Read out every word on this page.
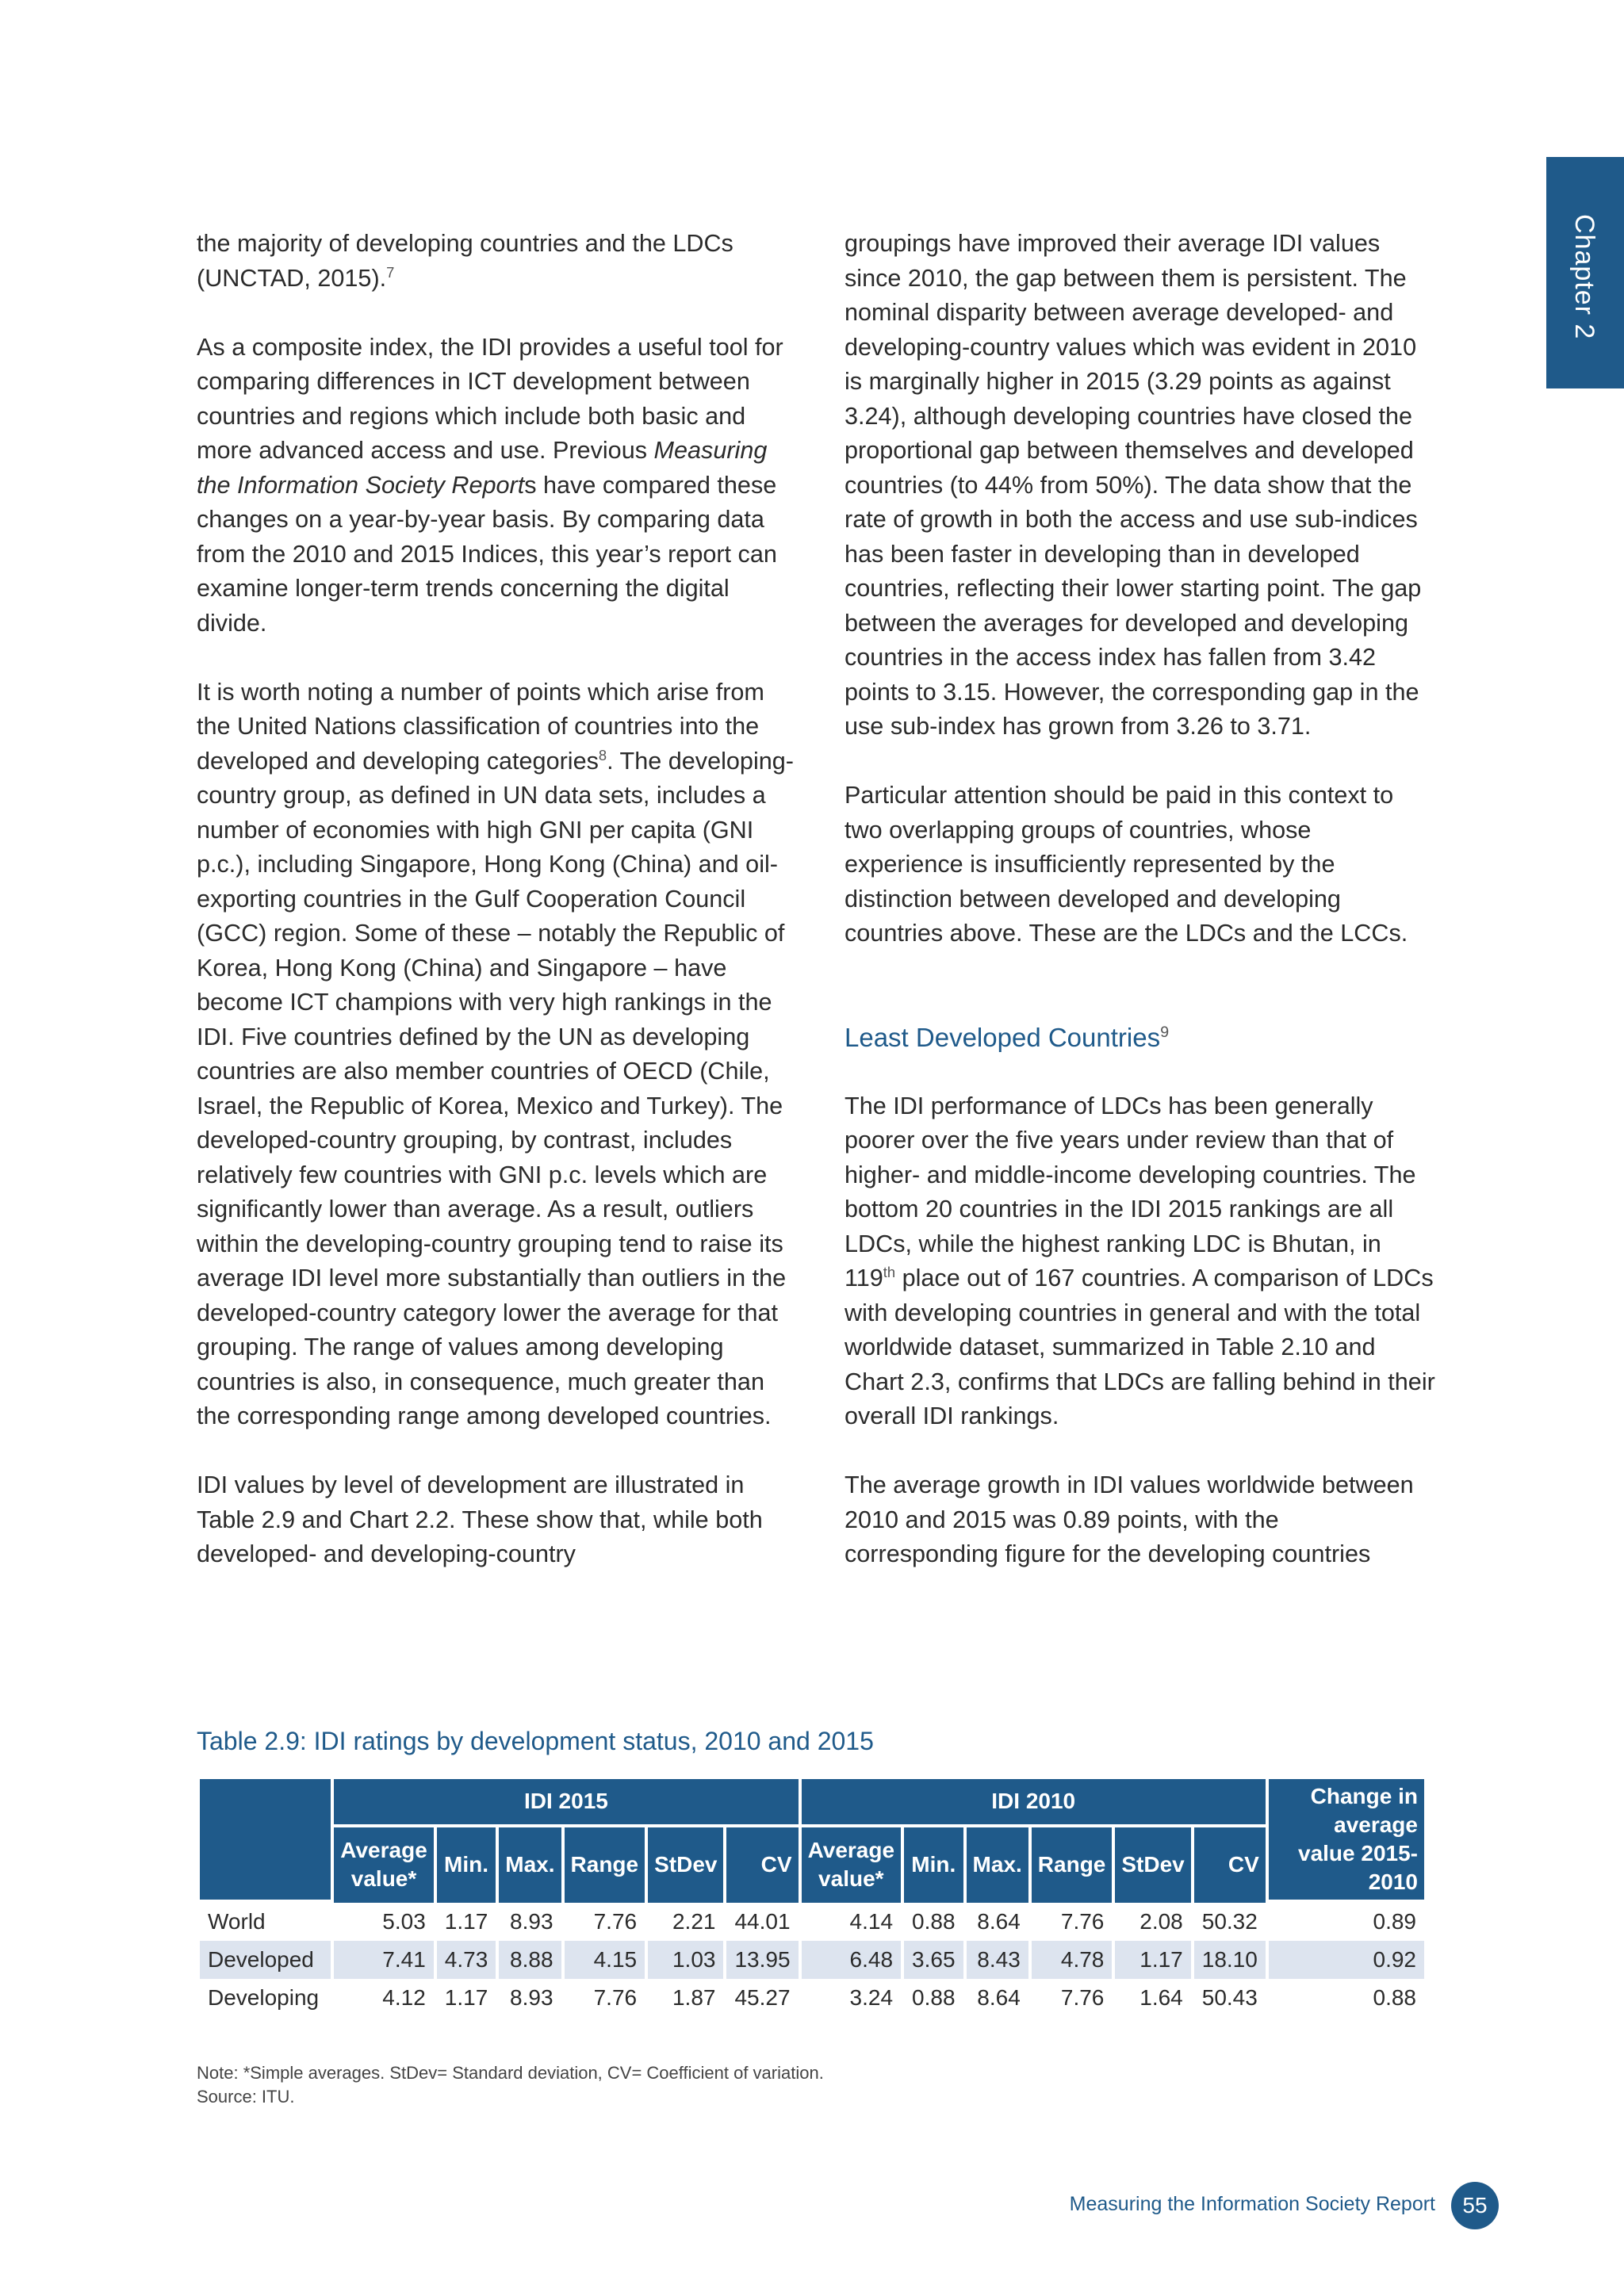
Chapter 2

the majority of developing countries and the LDCs (UNCTAD, 2015).$^7$

As a composite index, the IDI provides a useful tool for comparing differences in ICT development between countries and regions which include both basic and more advanced access and use. Previous Measuring the Information Society Reports have compared these changes on a year-by-year basis. By comparing data from the 2010 and 2015 Indices, this year’s report can examine longer-term trends concerning the digital divide.

It is worth noting a number of points which arise from the United Nations classification of countries into the developed and developing categories$^8$. The developing-country group, as defined in UN data sets, includes a number of economies with high GNI per capita (GNI p.c.), including Singapore, Hong Kong (China) and oil-exporting countries in the Gulf Cooperation Council (GCC) region. Some of these – notably the Republic of Korea, Hong Kong (China) and Singapore – have become ICT champions with very high rankings in the IDI. Five countries defined by the UN as developing countries are also member countries of OECD (Chile, Israel, the Republic of Korea, Mexico and Turkey). The developed-country grouping, by contrast, includes relatively few countries with GNI p.c. levels which are significantly lower than average. As a result, outliers within the developing-country grouping tend to raise its average IDI level more substantially than outliers in the developed-country category lower the average for that grouping. The range of values among developing countries is also, in consequence, much greater than the corresponding range among developed countries.

IDI values by level of development are illustrated in Table 2.9 and Chart 2.2. These show that, while both developed- and developing-country

groupings have improved their average IDI values since 2010, the gap between them is persistent. The nominal disparity between average developed- and developing-country values which was evident in 2010 is marginally higher in 2015 (3.29 points as against 3.24), although developing countries have closed the proportional gap between themselves and developed countries (to 44% from 50%). The data show that the rate of growth in both the access and use sub-indices has been faster in developing than in developed countries, reflecting their lower starting point. The gap between the averages for developed and developing countries in the access index has fallen from 3.42 points to 3.15. However, the corresponding gap in the use sub-index has grown from 3.26 to 3.71.

Particular attention should be paid in this context to two overlapping groups of countries, whose experience is insufficiently represented by the distinction between developed and developing countries above. These are the LDCs and the LCCs.

Least Developed Countries$^9$

The IDI performance of LDCs has been generally poorer over the five years under review than that of higher- and middle-income developing countries. The bottom 20 countries in the IDI 2015 rankings are all LDCs, while the highest ranking LDC is Bhutan, in 119th place out of 167 countries. A comparison of LDCs with developing countries in general and with the total worldwide dataset, summarized in Table 2.10 and Chart 2.3, confirms that LDCs are falling behind in their overall IDI rankings.

The average growth in IDI values worldwide between 2010 and 2015 was 0.89 points, with the corresponding figure for the developing countries

Table 2.9: IDI ratings by development status, 2010 and 2015
	IDI 2015						IDI 2010						Change in average value 2015-2010
	Average value*	Min.	Max.	Range	StDev	CV	Average value*	Min.	Max.	Range	StDev	CV	
World	5.03	1.17	8.93	7.76	2.21	44.01	4.14	0.88	8.64	7.76	2.08	50.32	0.89
Developed	7.41	4.73	8.88	4.15	1.03	13.95	6.48	3.65	8.43	4.78	1.17	18.10	0.92
Developing	4.12	1.17	8.93	7.76	1.87	45.27	3.24	0.88	8.64	7.76	1.64	50.43	0.88
Note: *Simple averages. StDev= Standard deviation, CV= Coefficient of variation.
Source: ITU.
Measuring the Information Society Report	55
